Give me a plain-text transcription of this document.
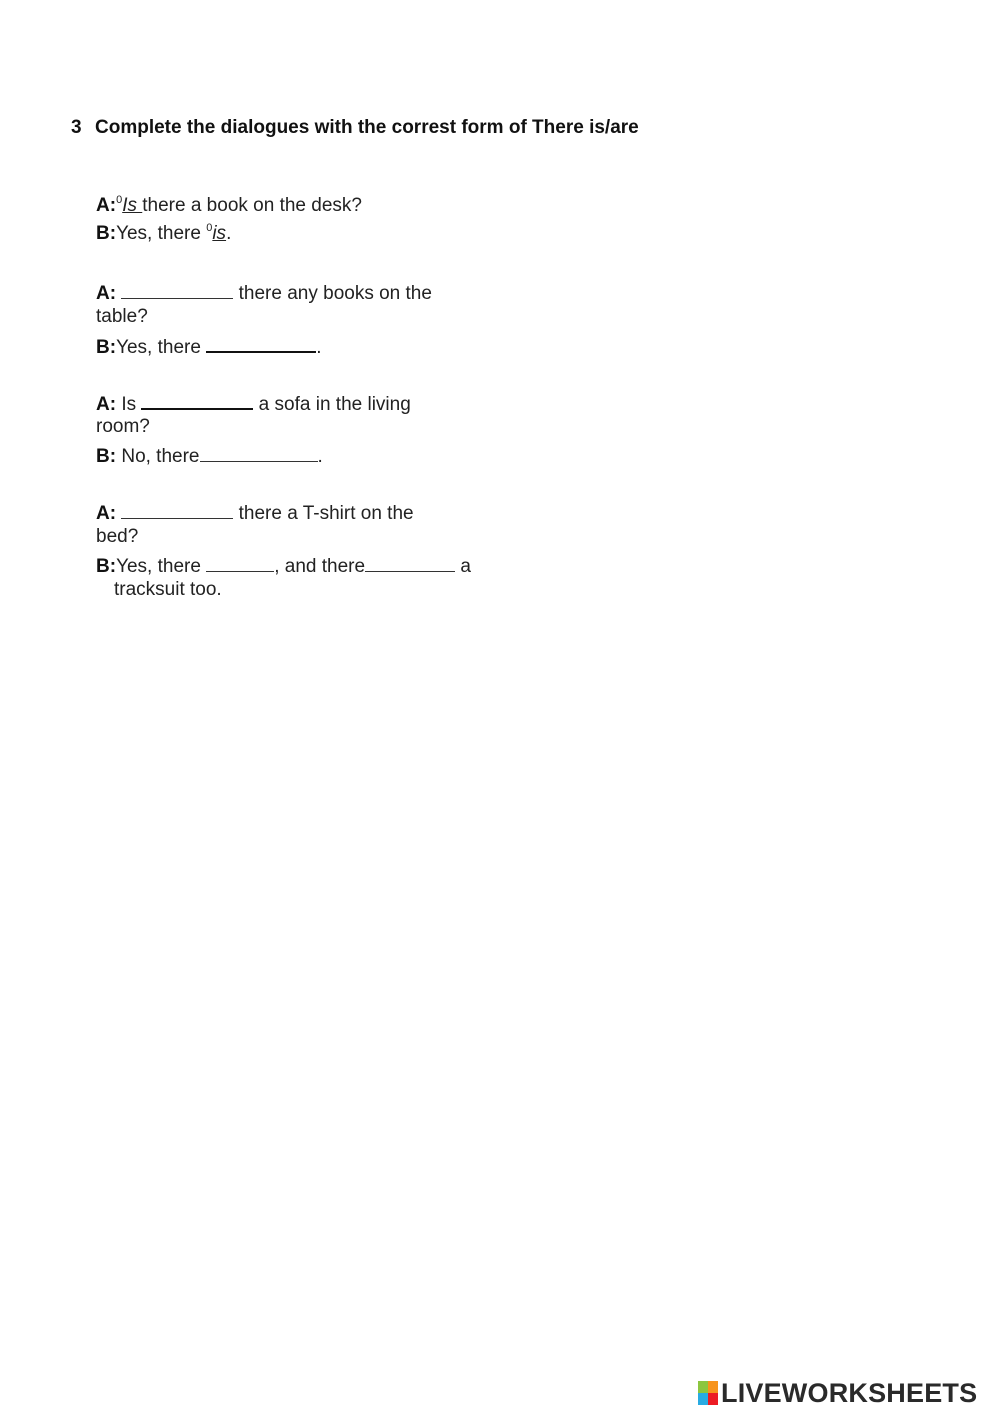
3 Complete the dialogues with the correst form of There is/are
A:$^0$Is there a book on the desk?
B:Yes, there $^0$is.
A:	there any books on the
table?
B:Yes, there	.
A: Is	a sofa in the living
room?
B: No, there	.
A:	there a T-shirt on the
bed?
B:Yes, there	, and there	a
tracksuit too.
LIVEWORKSHEETS
